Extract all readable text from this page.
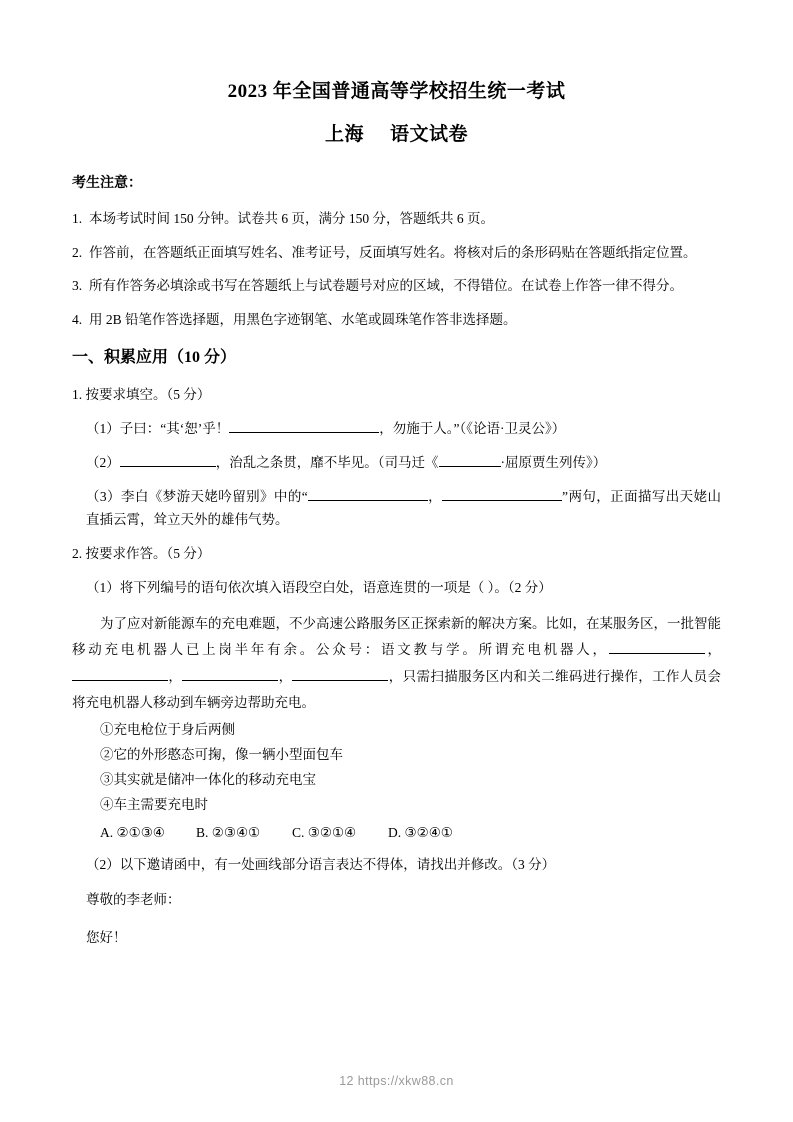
2023 年全国普通高等学校招生统一考试
上海 语文试卷
考生注意：
1. 本场考试时间 150 分钟。试卷共 6 页，满分 150 分，答题纸共 6 页。
2. 作答前，在答题纸正面填写姓名、准考证号，反面填写姓名。将核对后的条形码贴在答题纸指定位置。
3. 所有作答务必填涂或书写在答题纸上与试卷题号对应的区域，不得错位。在试卷上作答一律不得分。
4. 用 2B 铅笔作答选择题，用黑色字迹钢笔、水笔或圆珠笔作答非选择题。
一、积累应用（10 分）
1. 按要求填空。（5 分）
（1）子曰：“其‘恕’乎！	，勿施于人。”（《论语·卫灵公》）
（2）	，治乱之条贯，靡不毕见。（司马迁《	·屈原贾生列传》）
（3）李白《梦游天姥吟留别》中的“	，	”两句，正面描写出天姥山直插云霄，耸立天外的雄伟气势。
2. 按要求作答。（5 分）
（1）将下列编号的语句依次填入语段空白处，语意连贯的一项是（ ）。（2 分）
为了应对新能源车的充电难题，不少高速公路服务区正探索新的解决方案。比如，在某服务区，一批智能移动充电机器人已上岗半年有余。公众号：语文教与学。所谓充电机器人，	，，	，	，只需扫描服务区内和关二维码进行操作，工作人员会将充电机器人移动到车辆旁边帮助充电。
①充电枪位于身后两侧
②它的外形憨态可掬，像一辆小型面包车
③其实就是储冲一体化的移动充电宝
④车主需要充电时
A. ②①③④ B. ②③④① C. ③②①④ D. ③②④①
（2）以下邀请函中，有一处画线部分语言表达不得体，请找出并修改。（3 分）
尊敬的李老师：
您好！
12 https://xkw88.cn
